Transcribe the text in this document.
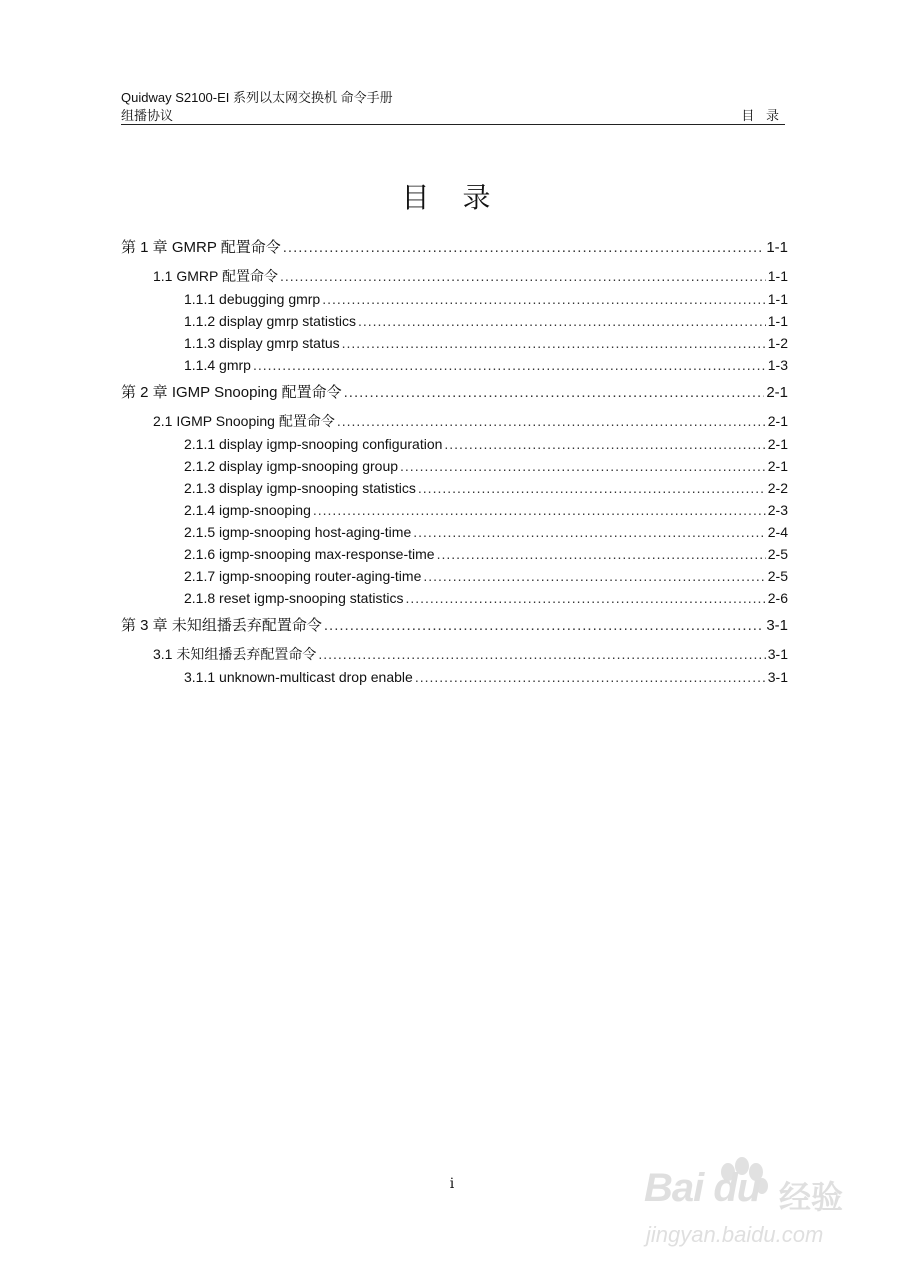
Quidway S2100-EI 系列以太网交换机 命令手册
组播协议	目 录
目 录
第 1 章 GMRP 配置命令 .....	1-1
1.1 GMRP 配置命令 .....	1-1
1.1.1 debugging gmrp .....	1-1
1.1.2 display gmrp statistics .....	1-1
1.1.3 display gmrp status .....	1-2
1.1.4 gmrp .....	1-3
第 2 章 IGMP Snooping 配置命令 .....	2-1
2.1 IGMP Snooping 配置命令 .....	2-1
2.1.1 display igmp-snooping configuration .....	2-1
2.1.2 display igmp-snooping group .....	2-1
2.1.3 display igmp-snooping statistics .....	2-2
2.1.4 igmp-snooping .....	2-3
2.1.5 igmp-snooping host-aging-time .....	2-4
2.1.6 igmp-snooping max-response-time .....	2-5
2.1.7 igmp-snooping router-aging-time .....	2-5
2.1.8 reset igmp-snooping statistics .....	2-6
第 3 章 未知组播丢弃配置命令 .....	3-1
3.1 未知组播丢弃配置命令 .....	3-1
3.1.1 unknown-multicast drop enable .....	3-1
i	Bai du 经验
jingyan.baidu.com
